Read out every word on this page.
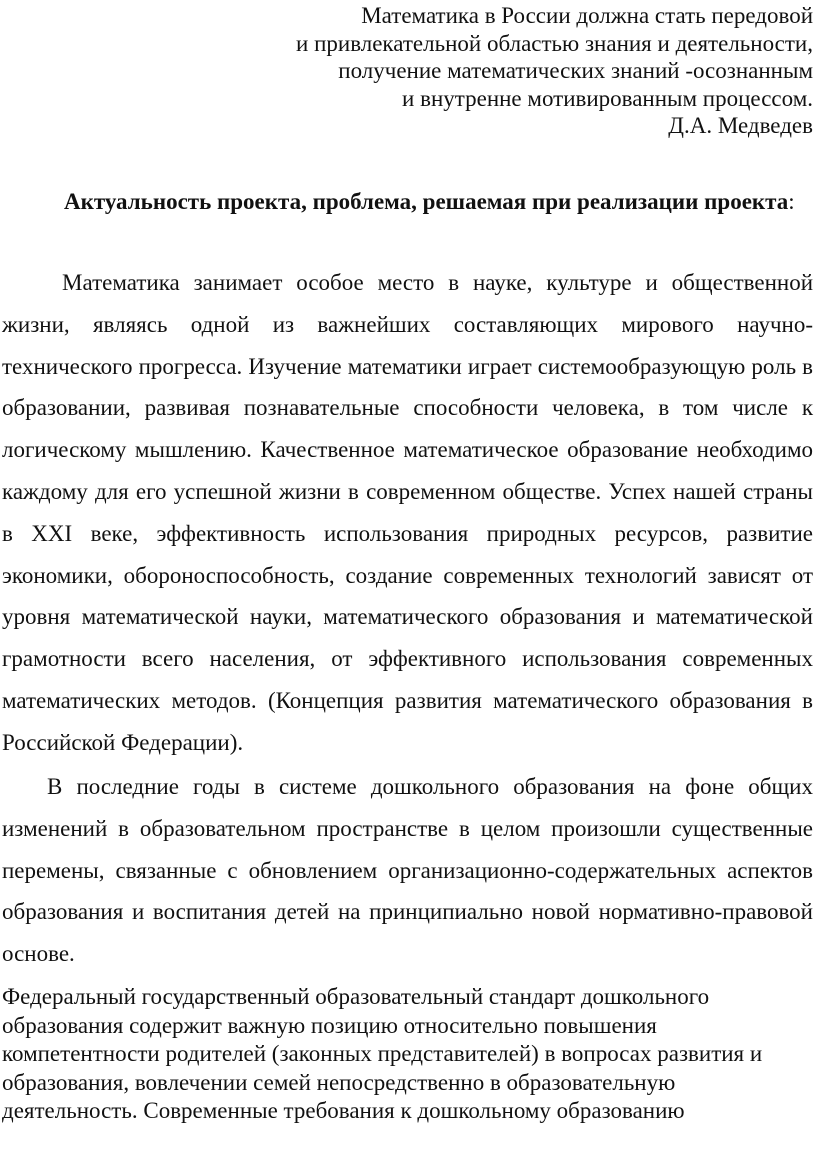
Математика в России должна стать передовой
и привлекательной областью знания и деятельности,
получение математических знаний -осознанным
и внутренне мотивированным процессом.
Д.А. Медведев
Актуальность проекта, проблема, решаемая при реализации проекта:
Математика занимает особое место в науке, культуре и общественной жизни, являясь одной из важнейших составляющих мирового научно-технического прогресса. Изучение математики играет системообразующую роль в образовании, развивая познавательные способности человека, в том числе к логическому мышлению. Качественное математическое образование необходимо каждому для его успешной жизни в современном обществе. Успех нашей страны в XXI веке, эффективность использования природных ресурсов, развитие экономики, обороноспособность, создание современных технологий зависят от уровня математической науки, математического образования и математической грамотности всего населения, от эффективного использования современных математических методов. (Концепция развития математического образования в Российской Федерации).
В последние годы в системе дошкольного образования на фоне общих изменений в образовательном пространстве в целом произошли существенные перемены, связанные с обновлением организационно-содержательных аспектов образования и воспитания детей на принципиально новой нормативно-правовой основе.
Федеральный государственный образовательный стандарт дошкольного образования содержит важную позицию относительно повышения компетентности родителей (законных представителей) в вопросах развития и образования, вовлечении семей непосредственно в образовательную деятельность. Современные требования к дошкольному образованию
